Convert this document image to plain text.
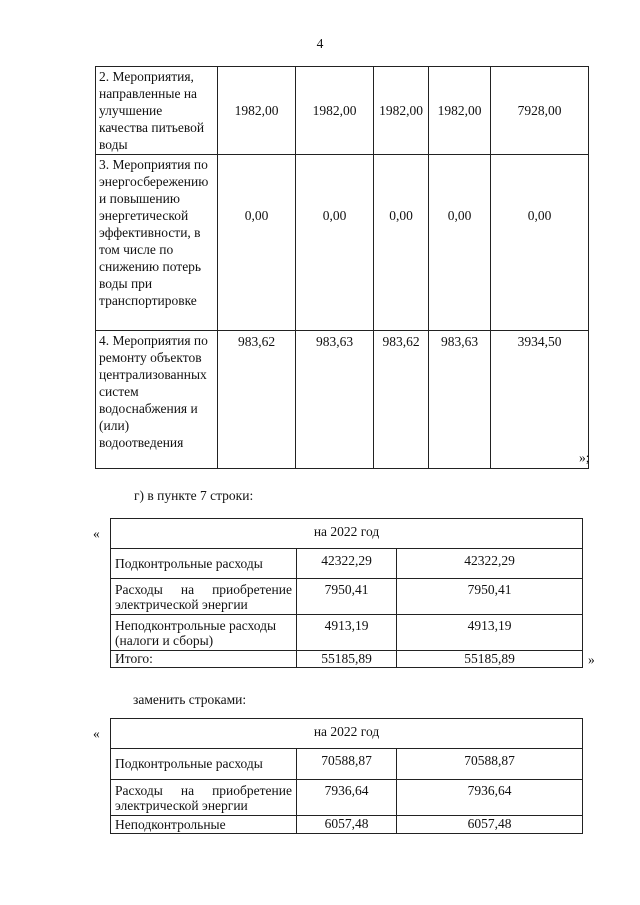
4
2. Мероприятия, направленные на улучшение качества питьевой воды	1982,00	1982,00	1982,00	1982,00	7928,00
3. Мероприятия по энергосбережению и повышению энергетической эффективности, в том числе по снижению потерь воды при транспортировке	0,00	0,00	0,00	0,00	0,00
4. Мероприятия по ремонту объектов централизованных систем водоснабжения и (или) водоотведения	983,62	983,63	983,62	983,63	3934,50
»;
г) в пункте 7 строки:
«	на 2022 год		
Подконтрольные расходы	42322,29	42322,29

Расходы на приобретение
электрической энергии	7950,41	7950,41
Неподконтрольные расходы (налоги и сборы)	4913,19	4913,19
Итого:	55185,89	55185,89	»
заменить строками:
«	на 2022 год		
Подконтрольные расходы	70588,87	70588,87

Расходы на приобретение
электрической энергии	7936,64	7936,64
Неподконтрольные	6057,48	6057,48
